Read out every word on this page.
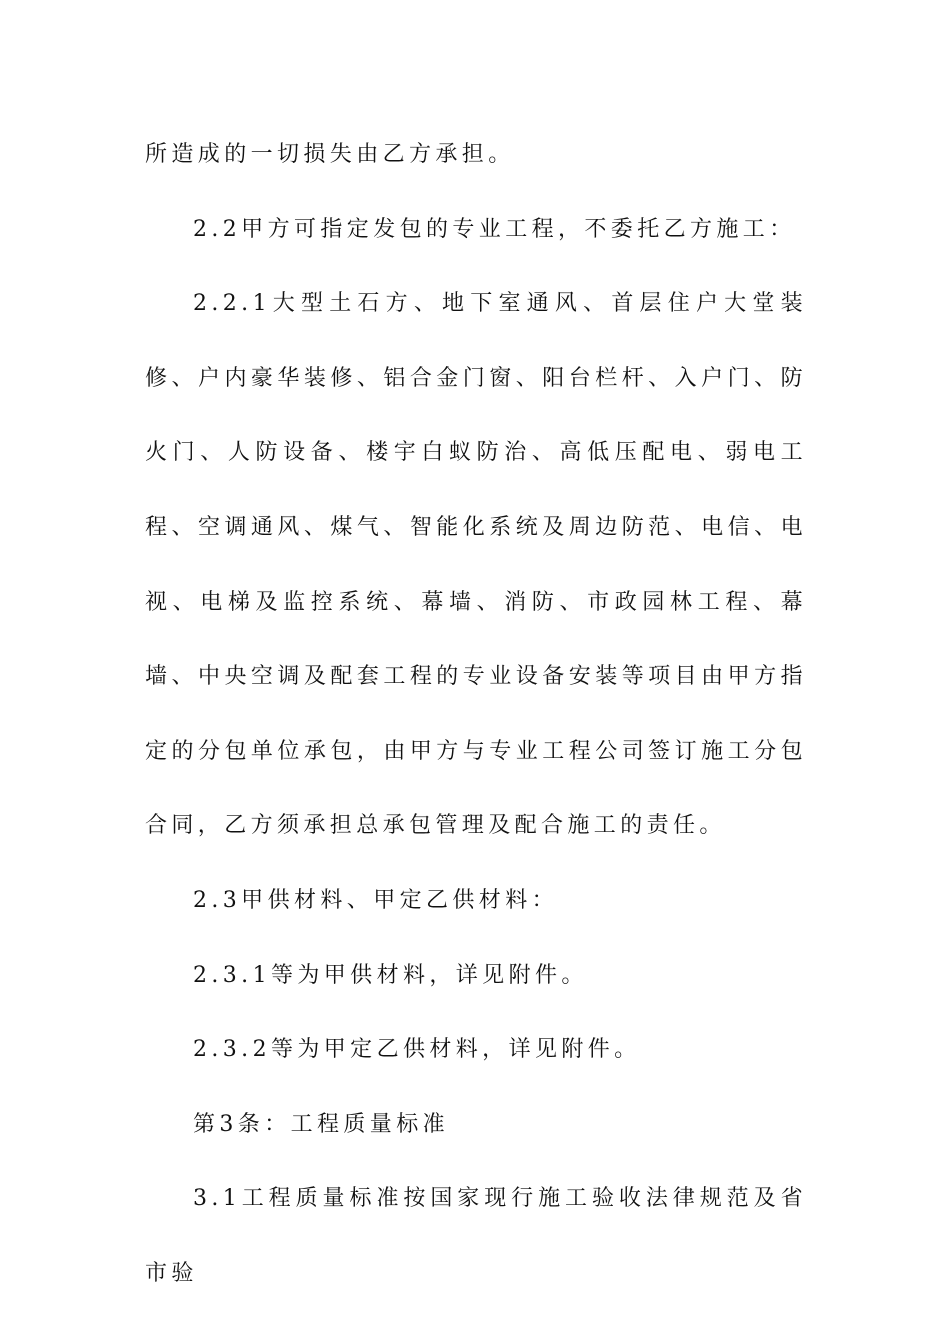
所造成的一切损失由乙方承担。

2.2甲方可指定发包的专业工程，不委托乙方施工：

2.2.1大型土石方、地下室通风、首层住户大堂装修、户内豪华装修、铝合金门窗、阳台栏杆、入户门、防火门、人防设备、楼宇白蚁防治、高低压配电、弱电工程、空调通风、煤气、智能化系统及周边防范、电信、电视、电梯及监控系统、幕墙、消防、市政园林工程、幕墙、中央空调及配套工程的专业设备安装等项目由甲方指定的分包单位承包，由甲方与专业工程公司签订施工分包合同，乙方须承担总承包管理及配合施工的责任。

2.3甲供材料、甲定乙供材料：

2.3.1等为甲供材料，详见附件。

2.3.2等为甲定乙供材料，详见附件。

第3条：工程质量标准

3.1工程质量标准按国家现行施工验收法律规范及省市验
